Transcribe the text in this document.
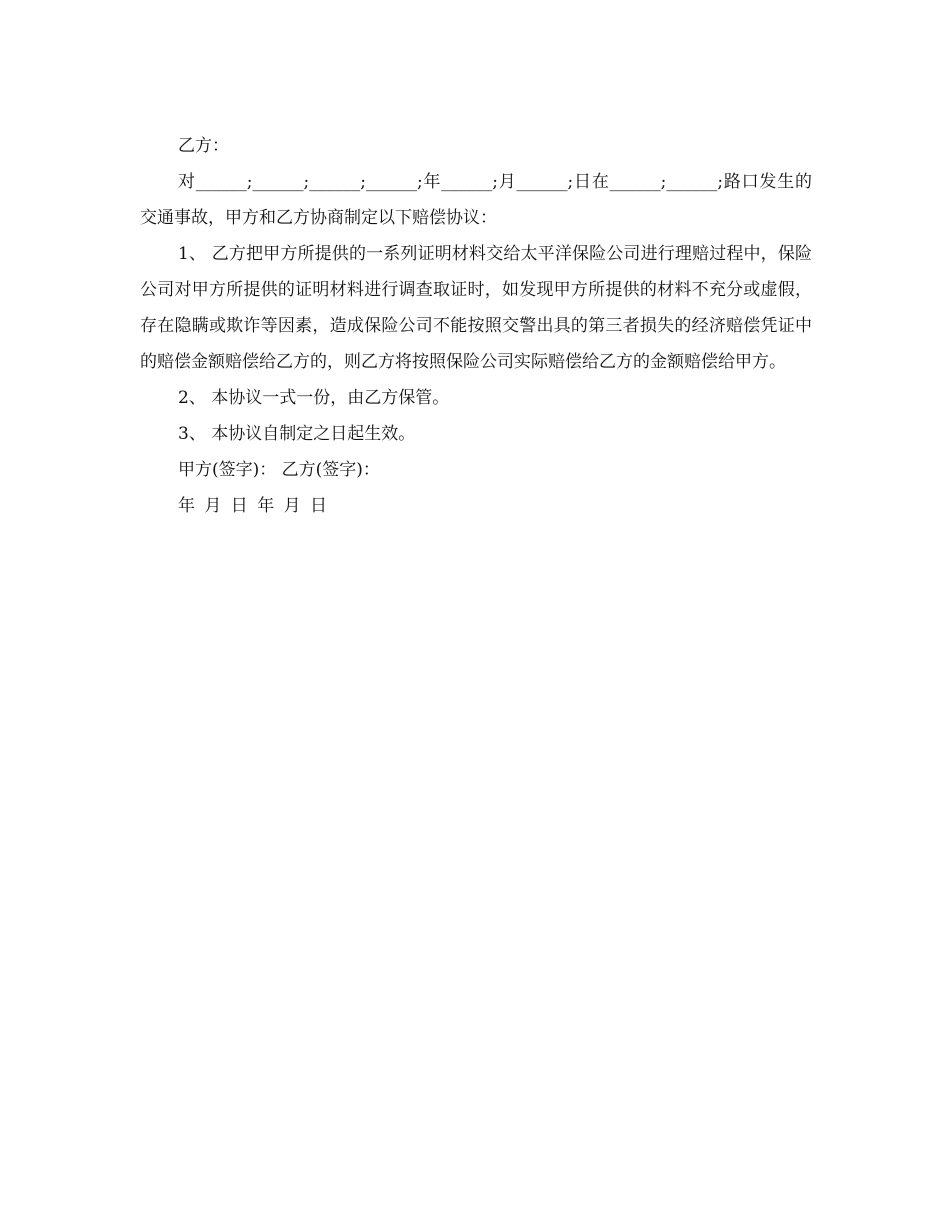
乙方：

对______;______;______;______;年______;月______;日在______;______;路口发生的交通事故，甲方和乙方协商制定以下赔偿协议：

1、 乙方把甲方所提供的一系列证明材料交给太平洋保险公司进行理赔过程中，保险公司对甲方所提供的证明材料进行调查取证时，如发现甲方所提供的材料不充分或虚假，存在隐瞒或欺诈等因素，造成保险公司不能按照交警出具的第三者损失的经济赔偿凭证中的赔偿金额赔偿给乙方的，则乙方将按照保险公司实际赔偿给乙方的金额赔偿给甲方。

2、 本协议一式一份，由乙方保管。

3、 本协议自制定之日起生效。

甲方(签字)： 乙方(签字)：

年 月 日 年 月 日
